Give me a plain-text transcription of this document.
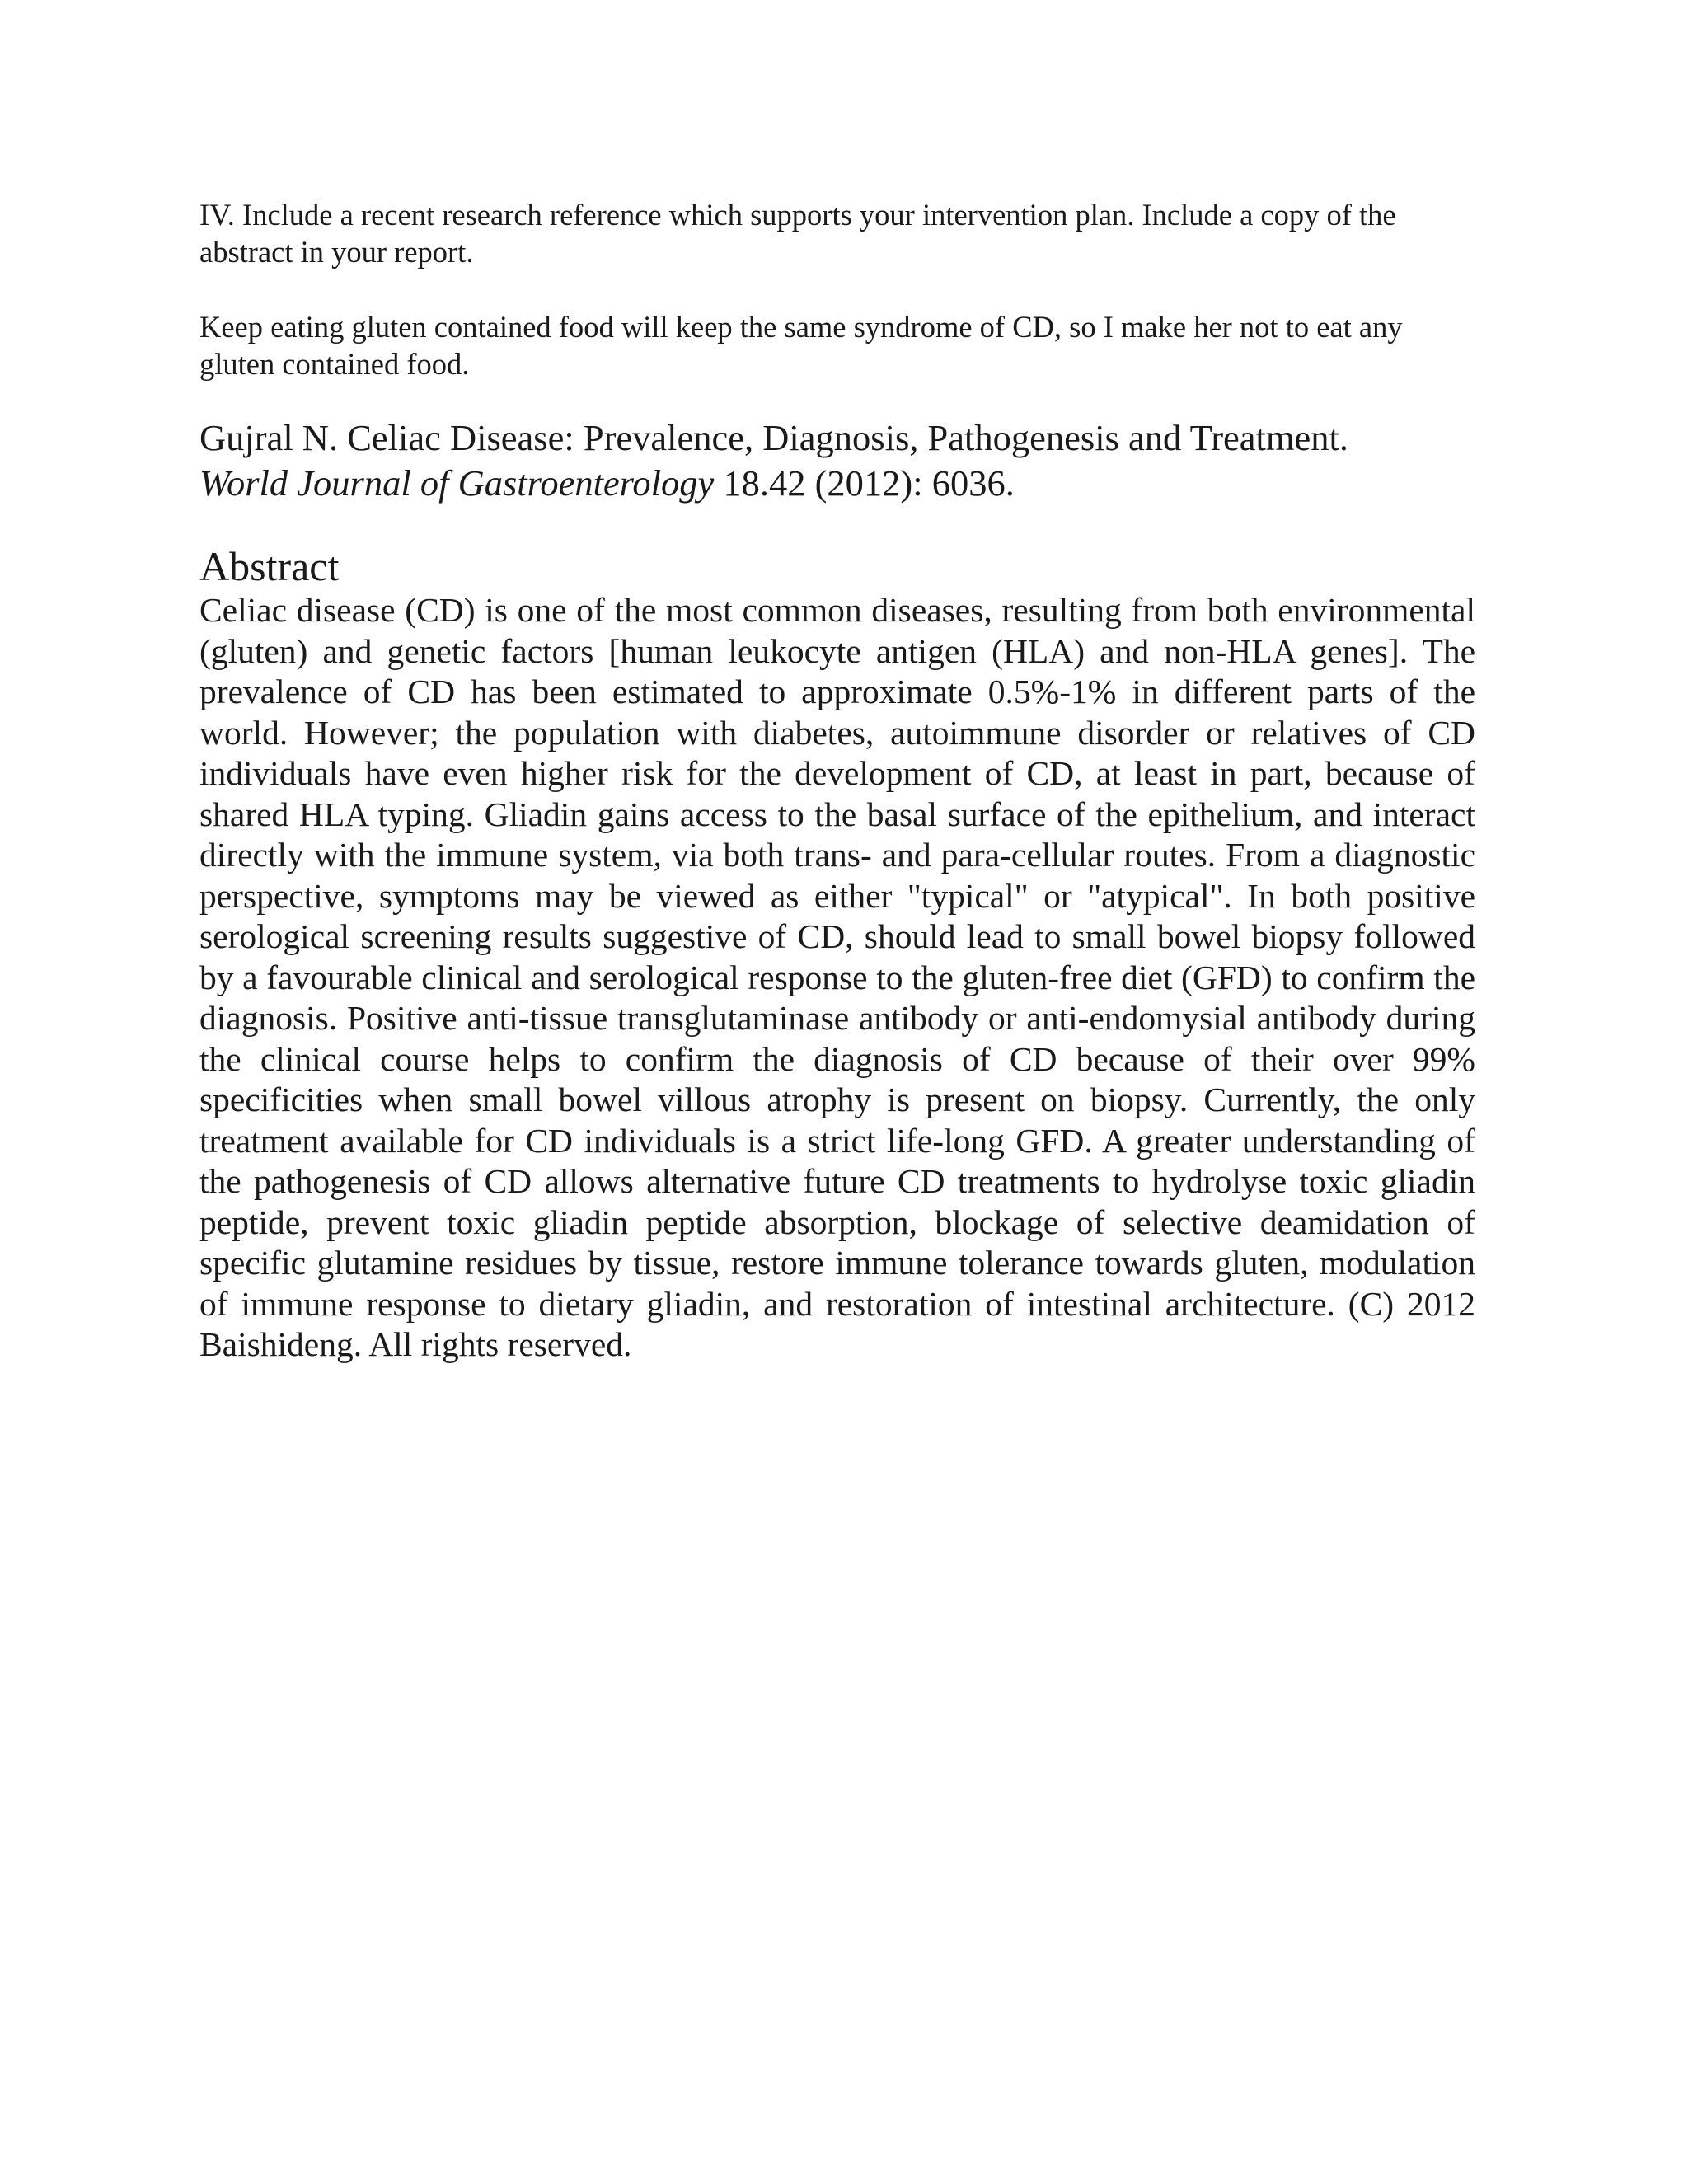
IV. Include a recent research reference which supports your intervention plan. Include a copy of the abstract in your report.

Keep eating gluten contained food will keep the same syndrome of CD, so I make her not to eat any gluten contained food.

Gujral N. Celiac Disease: Prevalence, Diagnosis, Pathogenesis and Treatment.
World Journal of Gastroenterology 18.42 (2012): 6036.

Abstract

Celiac disease (CD) is one of the most common diseases, resulting from both environmental (gluten) and genetic factors [human leukocyte antigen (HLA) and non-HLA genes]. The prevalence of CD has been estimated to approximate 0.5%-1% in different parts of the world. However; the population with diabetes, autoimmune disorder or relatives of CD individuals have even higher risk for the development of CD, at least in part, because of shared HLA typing. Gliadin gains access to the basal surface of the epithelium, and interact directly with the immune system, via both trans- and para-cellular routes. From a diagnostic perspective, symptoms may be viewed as either "typical" or "atypical". In both positive serological screening results suggestive of CD, should lead to small bowel biopsy followed by a favourable clinical and serological response to the gluten-free diet (GFD) to confirm the diagnosis. Positive anti-tissue transglutaminase antibody or anti-endomysial antibody during the clinical course helps to confirm the diagnosis of CD because of their over 99% specificities when small bowel villous atrophy is present on biopsy. Currently, the only treatment available for CD individuals is a strict life-long GFD. A greater understanding of the pathogenesis of CD allows alternative future CD treatments to hydrolyse toxic gliadin peptide, prevent toxic gliadin peptide absorption, blockage of selective deamidation of specific glutamine residues by tissue, restore immune tolerance towards gluten, modulation of immune response to dietary gliadin, and restoration of intestinal architecture. (C) 2012 Baishideng. All rights reserved.
